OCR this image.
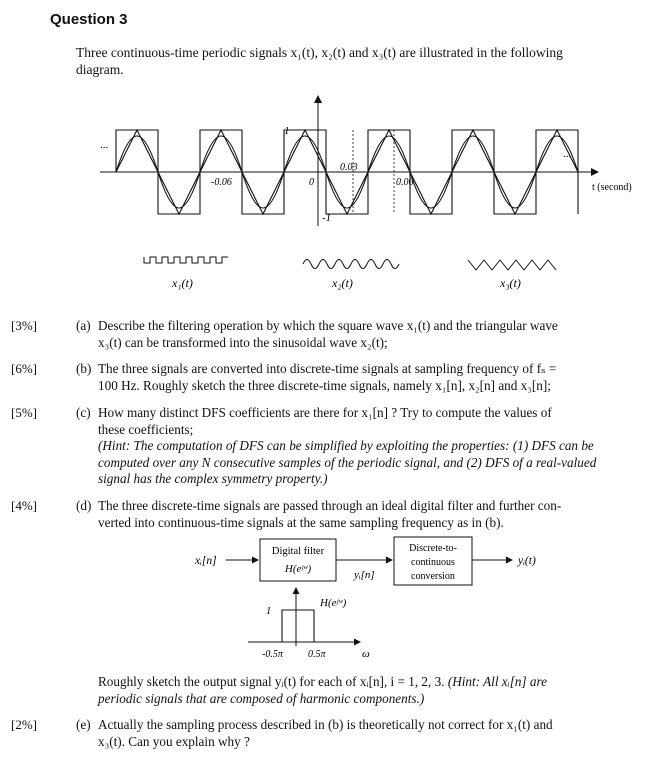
Question 3
Three continuous-time periodic signals x₁(t), x₂(t) and x₃(t) are illustrated in the following
diagram.
...
...
1
-1
-0.06	0
0.03
0.06	t (second)
x₁(t)	x₂(t)	x₃(t)
[3%]	(a) Describe the filtering operation by which the square wave x₁(t) and the triangular wave
x₃(t) can be transformed into the sinusoidal wave x₂(t);
[6%]	(b) The three signals are converted into discrete-time signals at sampling frequency of fₛ =
100 Hz. Roughly sketch the three discrete-time signals, namely x₁[n], x₂[n] and x₃[n];
[5%]	(c) How many distinct DFS coefficients are there for x₁[n] ? Try to compute the values of
these coefficients;
(Hint: The computation of DFS can be simplified by exploiting the properties: (1) DFS can be
computed over any N consecutive samples of the periodic signal, and (2) DFS of a real-valued
signal has the complex symmetry property.)
[4%]	(d) The three discrete-time signals are passed through an ideal digital filter and further con-
verted into continuous-time signals at the same sampling frequency as in (b).
xᵢ[n]
Digital filter
H(eʲʷ)	yᵢ[n]
Discrete-to-
continuous
conversion
yᵢ(t)
H(eʲʷ)
1
-0.5π	0.5π	ω
Roughly sketch the output signal yᵢ(t) for each of xᵢ[n], i = 1, 2, 3. (Hint: All xᵢ[n] are
periodic signals that are composed of harmonic components.)
[2%]	(e) Actually the sampling process described in (b) is theoretically not correct for x₁(t) and
x₃(t). Can you explain why ?
